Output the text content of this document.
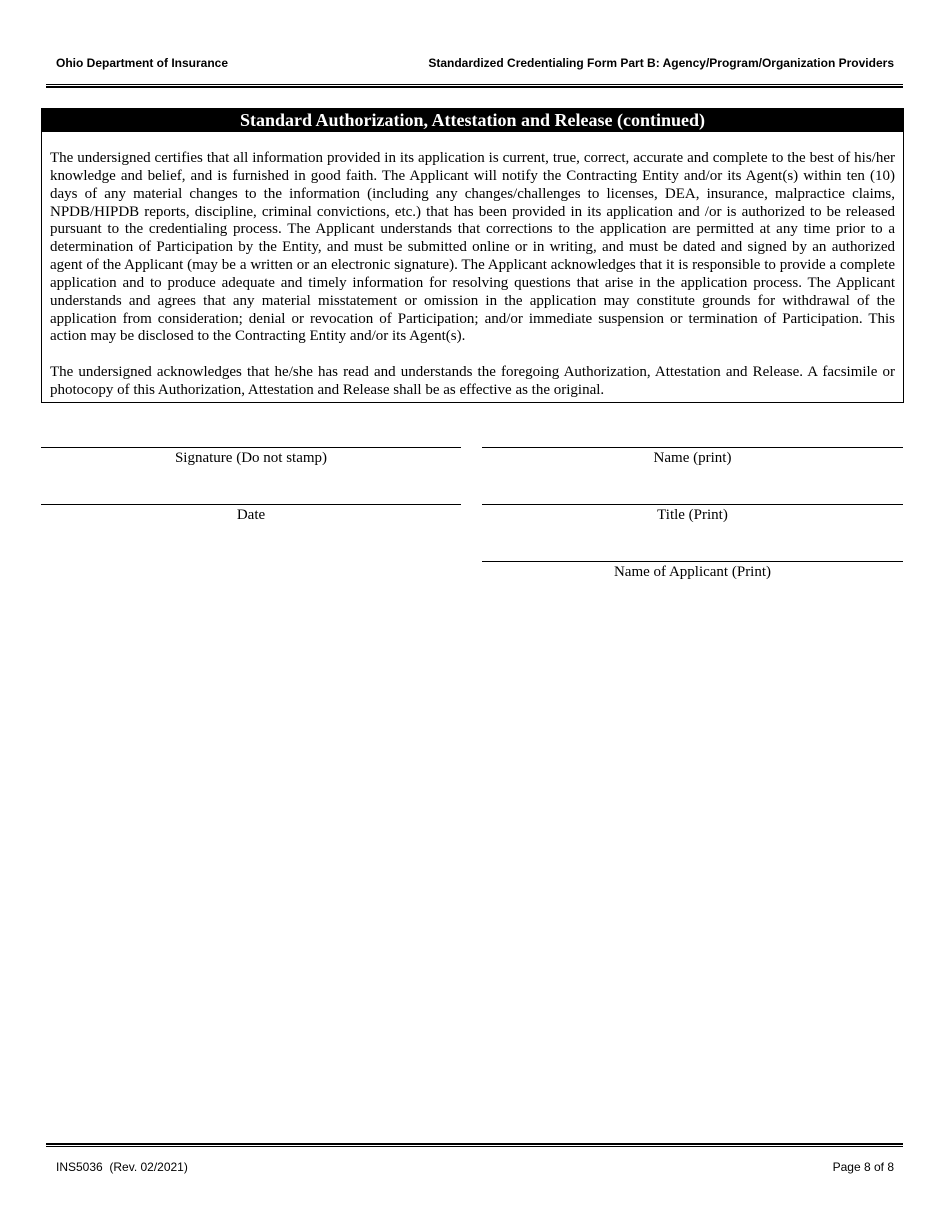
Ohio Department of Insurance	Standardized Credentialing Form Part B: Agency/Program/Organization Providers
Standard Authorization, Attestation and Release (continued)

The undersigned certifies that all information provided in its application is current, true, correct, accurate and complete to the best of his/her knowledge and belief, and is furnished in good faith. The Applicant will notify the Contracting Entity and/or its Agent(s) within ten (10) days of any material changes to the information (including any changes/challenges to licenses, DEA, insurance, malpractice claims, NPDB/HIPDB reports, discipline, criminal convictions, etc.) that has been provided in its application and /or is authorized to be released pursuant to the credentialing process. The Applicant understands that corrections to the application are permitted at any time prior to a determination of Participation by the Entity, and must be submitted online or in writing, and must be dated and signed by an authorized agent of the Applicant (may be a written or an electronic signature). The Applicant acknowledges that it is responsible to provide a complete application and to produce adequate and timely information for resolving questions that arise in the application process. The Applicant understands and agrees that any material misstatement or omission in the application may constitute grounds for withdrawal of the application from consideration; denial or revocation of Participation; and/or immediate suspension or termination of Participation. This action may be disclosed to the Contracting Entity and/or its Agent(s).

The undersigned acknowledges that he/she has read and understands the foregoing Authorization, Attestation and Release. A facsimile or photocopy of this Authorization, Attestation and Release shall be as effective as the original.

Signature (Do not stamp)	Name (print)
Date	Title (Print)
Name of Applicant (Print)
INS5036  (Rev. 02/2021)	Page 8 of 8
